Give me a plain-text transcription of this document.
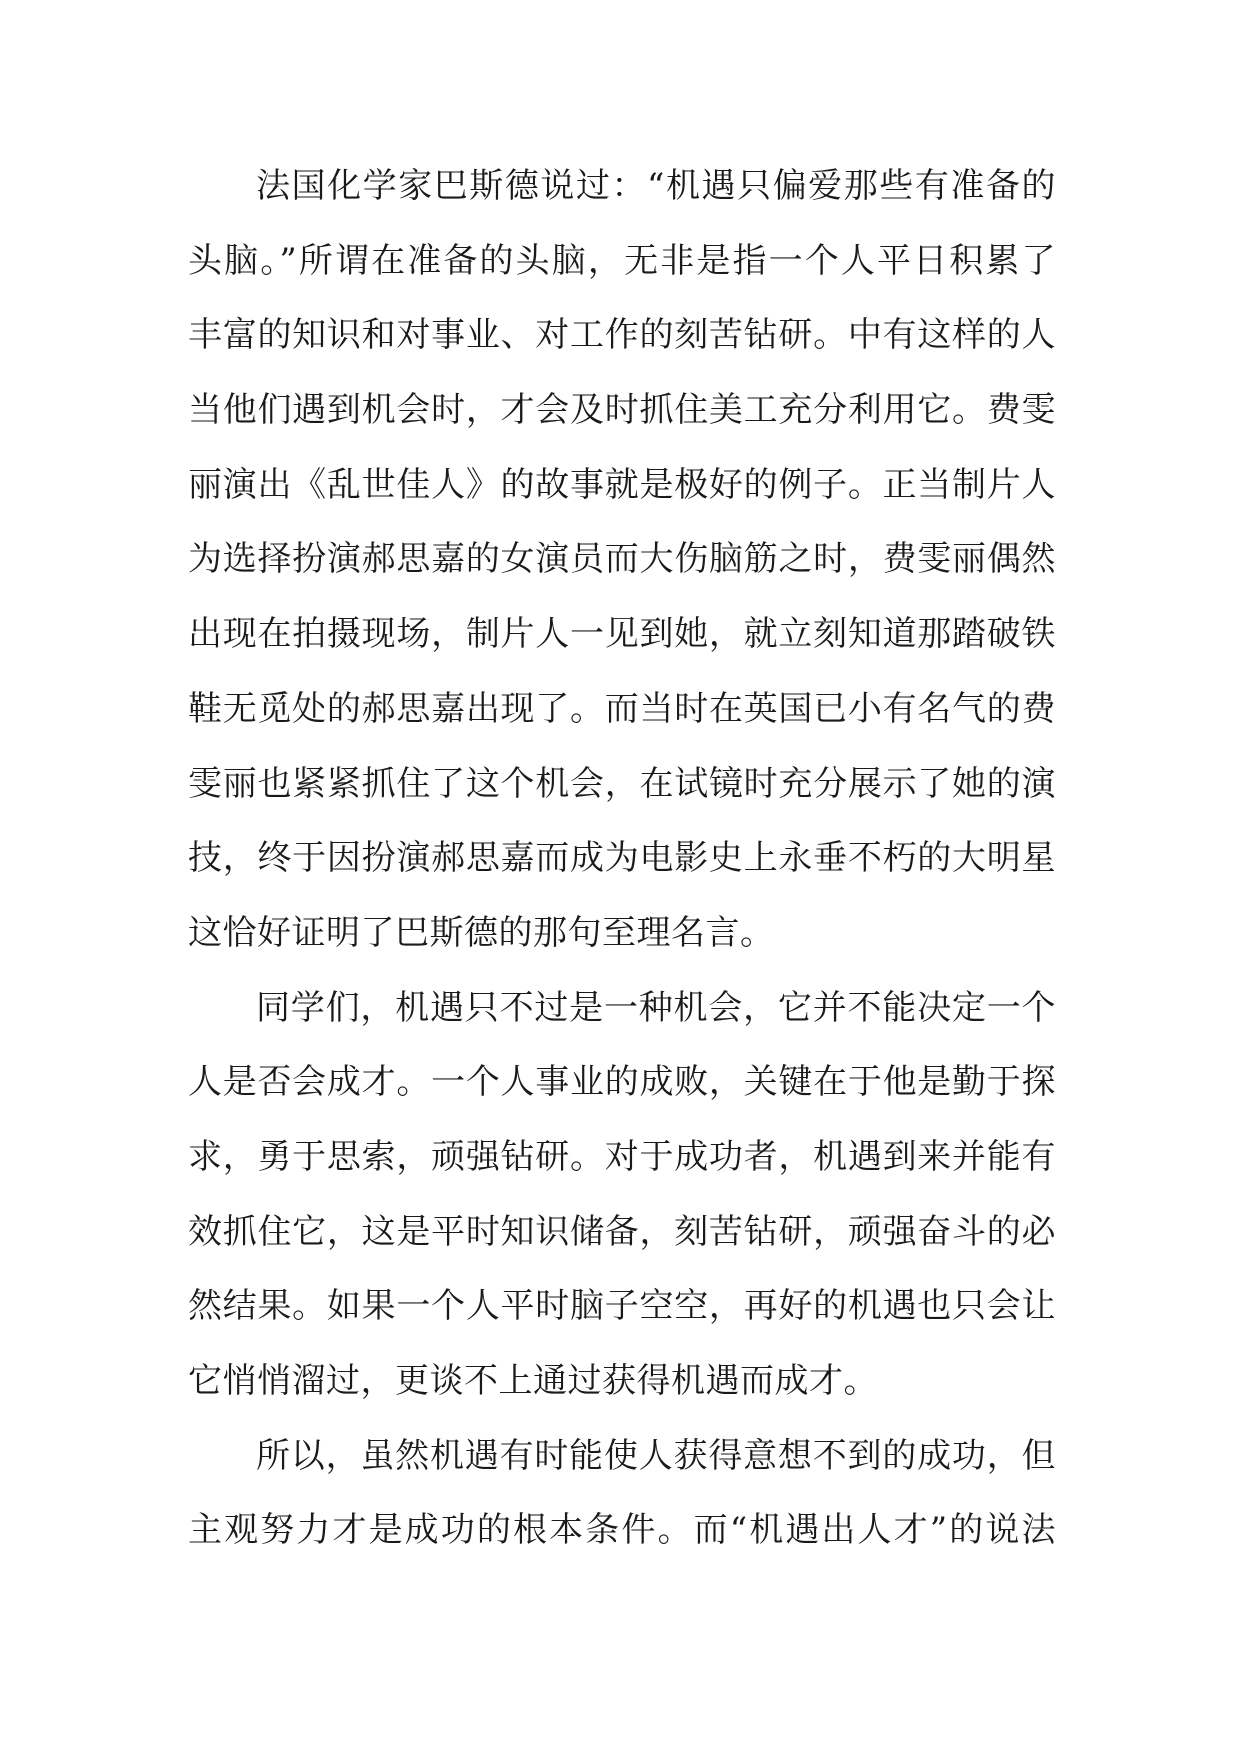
法国化学家巴斯德说过：“机遇只偏爱那些有准备的
头脑。”所谓在准备的头脑，无非是指一个人平日积累了
丰富的知识和对事业、对工作的刻苦钻研。中有这样的人
当他们遇到机会时，才会及时抓住美工充分利用它。费雯
丽演出《乱世佳人》的故事就是极好的例子。正当制片人
为选择扮演郝思嘉的女演员而大伤脑筋之时，费雯丽偶然
出现在拍摄现场，制片人一见到她，就立刻知道那踏破铁
鞋无觅处的郝思嘉出现了。而当时在英国已小有名气的费
雯丽也紧紧抓住了这个机会，在试镜时充分展示了她的演
技，终于因扮演郝思嘉而成为电影史上永垂不朽的大明星
这恰好证明了巴斯德的那句至理名言。
同学们，机遇只不过是一种机会，它并不能决定一个
人是否会成才。一个人事业的成败，关键在于他是勤于探
求，勇于思索，顽强钻研。对于成功者，机遇到来并能有
效抓住它，这是平时知识储备，刻苦钻研，顽强奋斗的必
然结果。如果一个人平时脑子空空，再好的机遇也只会让
它悄悄溜过，更谈不上通过获得机遇而成才。
所以，虽然机遇有时能使人获得意想不到的成功，但
主观努力才是成功的根本条件。而“机遇出人才”的说法
